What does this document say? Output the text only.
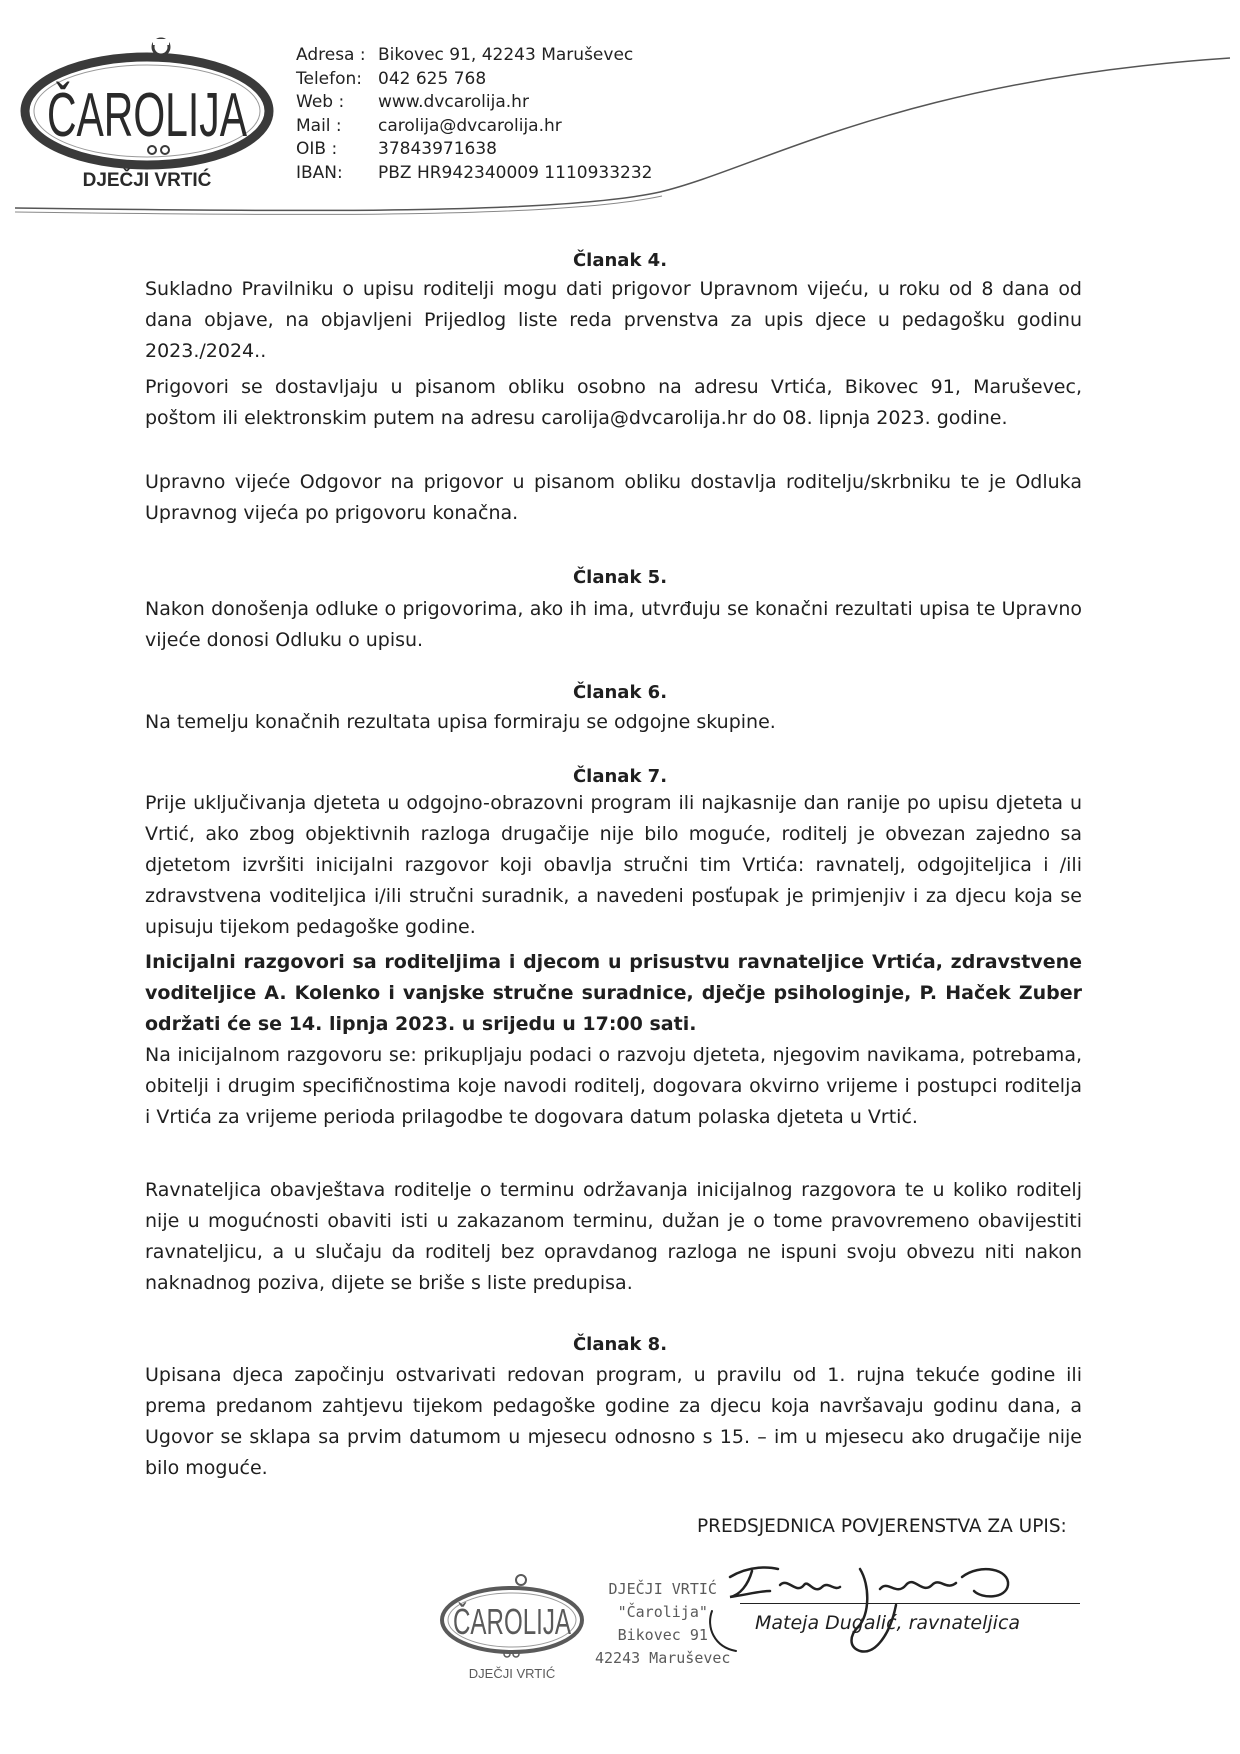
ČAROLIJA
DJEČJI VRTIĆ
Adresa : Bikovec 91, 42243 Maruševec
Telefon: 042 625 768
Web :	www.dvcarolija.hr
Mail :	carolija@dvcarolija.hr
OIB :	37843971638
IBAN:	PBZ HR942340009 1110933232
Članak 4.
Sukladno Pravilniku o upisu roditelji mogu dati prigovor Upravnom vijeću, u roku od 8 dana od dana objave, na objavljeni Prijedlog liste reda prvenstva za upis djece u pedagošku godinu 2023./2024..
Prigovori se dostavljaju u pisanom obliku osobno na adresu Vrtića, Bikovec 91, Maruševec, poštom ili elektronskim putem na adresu carolija@dvcarolija.hr do 08. lipnja 2023. godine.
Upravno vijeće Odgovor na prigovor u pisanom obliku dostavlja roditelju/skrbniku te je Odluka Upravnog vijeća po prigovoru konačna.
Članak 5.
Nakon donošenja odluke o prigovorima, ako ih ima, utvrđuju se konačni rezultati upisa te Upravno vijeće donosi Odluku o upisu.
Članak 6.
Na temelju konačnih rezultata upisa formiraju se odgojne skupine.
Članak 7.
Prije uključivanja djeteta u odgojno-obrazovni program ili najkasnije dan ranije po upisu djeteta u Vrtić, ako zbog objektivnih razloga drugačije nije bilo moguće, roditelj je obvezan zajedno sa djetetom izvršiti inicijalni razgovor koji obavlja stručni tim Vrtića: ravnatelj, odgojiteljica i /ili zdravstvena voditeljica i/ili stručni suradnik, a navedeni posťupak je primjenjiv i za djecu koja se upisuju tijekom pedagoške godine.
Inicijalni razgovori sa roditeljima i djecom u prisustvu ravnateljice Vrtića, zdravstvene voditeljice A. Kolenko i vanjske stručne suradnice, dječje psihologinje, P. Haček Zuber održati će se 14. lipnja 2023. u srijedu u 17:00 sati.
Na inicijalnom razgovoru se: prikupljaju podaci o razvoju djeteta, njegovim navikama, potrebama, obitelji i drugim specifičnostima koje navodi roditelj, dogovara okvirno vrijeme i postupci roditelja i Vrtića za vrijeme perioda prilagodbe te dogovara datum polaska djeteta u Vrtić.
Ravnateljica obavještava roditelje o terminu održavanja inicijalnog razgovora te u koliko roditelj nije u mogućnosti obaviti isti u zakazanom terminu, dužan je o tome pravovremeno obavijestiti ravnateljicu, a u slučaju da roditelj bez opravdanog razloga ne ispuni svoju obvezu niti nakon naknadnog poziva, dijete se briše s liste predupisa.
Članak 8.
Upisana djeca započinju ostvarivati redovan program, u pravilu od 1. rujna tekuće godine ili prema predanom zahtjevu tijekom pedagoške godine za djecu koja navršavaju godinu dana, a Ugovor se sklapa sa prvim datumom u mjesecu odnosno s 15. – im u mjesecu ako drugačije nije bilo moguće.
PREDSJEDNICA POVJERENSTVA ZA UPIS:
Mateja Dugalić, ravnateljica
ČAROLIJA
DJEČJI VRTIĆ
DJEČJI VRTIĆ
"Čarolija"
Bikovec 91
42243 Maruševec
